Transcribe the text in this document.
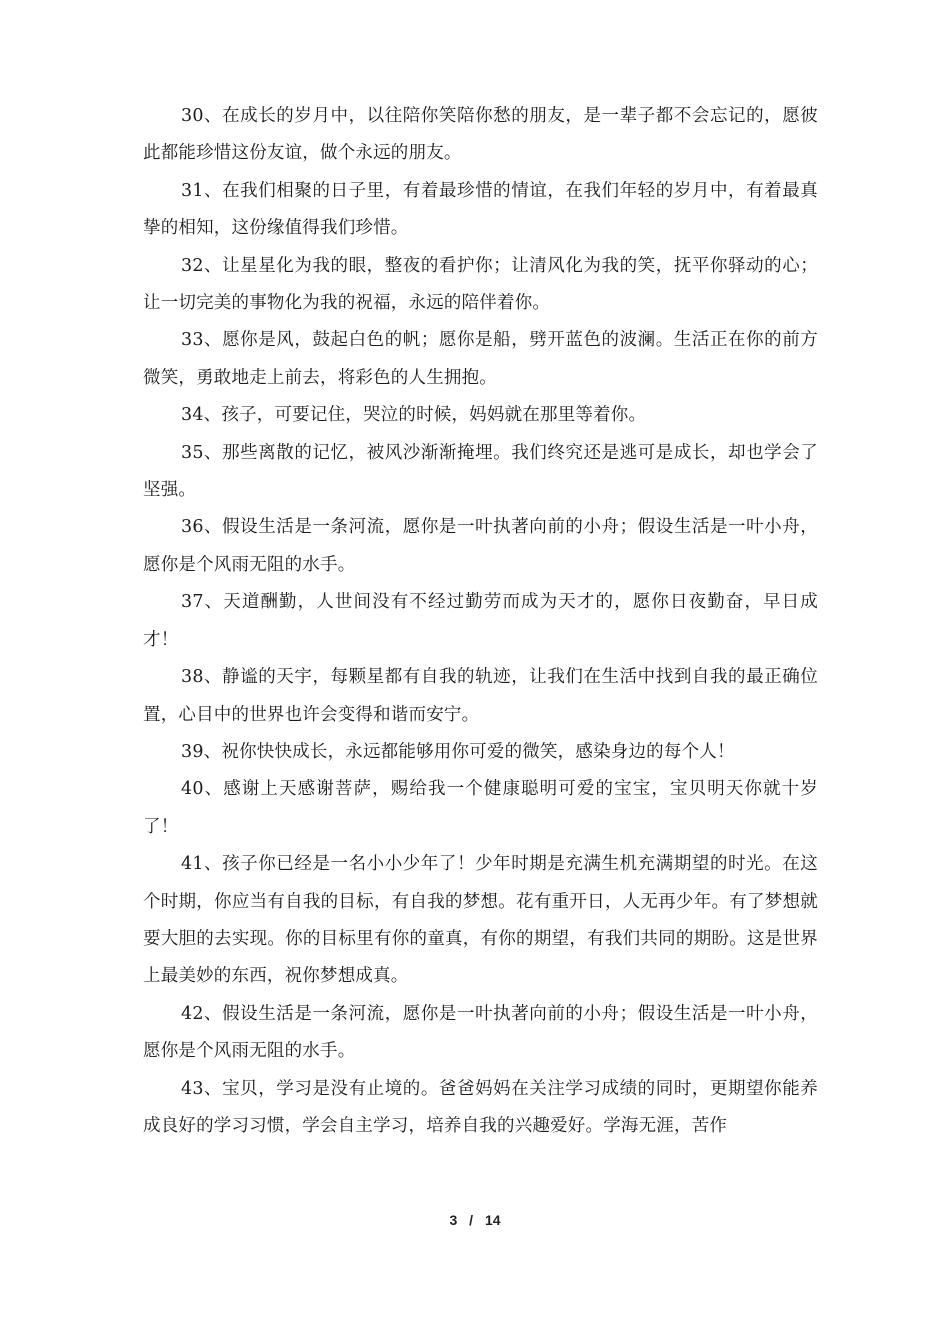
30、在成长的岁月中，以往陪你笑陪你愁的朋友，是一辈子都不会忘记的，愿彼此都能珍惜这份友谊，做个永远的朋友。

31、在我们相聚的日子里，有着最珍惜的情谊，在我们年轻的岁月中，有着最真挚的相知，这份缘值得我们珍惜。

32、让星星化为我的眼，整夜的看护你；让清风化为我的笑，抚平你驿动的心；让一切完美的事物化为我的祝福，永远的陪伴着你。

33、愿你是风，鼓起白色的帆；愿你是船，劈开蓝色的波澜。生活正在你的前方微笑，勇敢地走上前去，将彩色的人生拥抱。

34、孩子，可要记住，哭泣的时候，妈妈就在那里等着你。

35、那些离散的记忆，被风沙渐渐掩埋。我们终究还是逃可是成长，却也学会了坚强。

36、假设生活是一条河流，愿你是一叶执著向前的小舟；假设生活是一叶小舟，愿你是个风雨无阻的水手。

37、天道酬勤，人世间没有不经过勤劳而成为天才的，愿你日夜勤奋，早日成才！

38、静谧的天宇，每颗星都有自我的轨迹，让我们在生活中找到自我的最正确位置，心目中的世界也许会变得和谐而安宁。

39、祝你快快成长，永远都能够用你可爱的微笑，感染身边的每个人！

40、感谢上天感谢菩萨，赐给我一个健康聪明可爱的宝宝，宝贝明天你就十岁了！

41、孩子你已经是一名小小少年了！少年时期是充满生机充满期望的时光。在这个时期，你应当有自我的目标，有自我的梦想。花有重开日，人无再少年。有了梦想就要大胆的去实现。你的目标里有你的童真，有你的期望，有我们共同的期盼。这是世界上最美妙的东西，祝你梦想成真。

42、假设生活是一条河流，愿你是一叶执著向前的小舟；假设生活是一叶小舟，愿你是个风雨无阻的水手。

43、宝贝，学习是没有止境的。爸爸妈妈在关注学习成绩的同时，更期望你能养成良好的学习习惯，学会自主学习，培养自我的兴趣爱好。学海无涯，苦作

3 / 14
